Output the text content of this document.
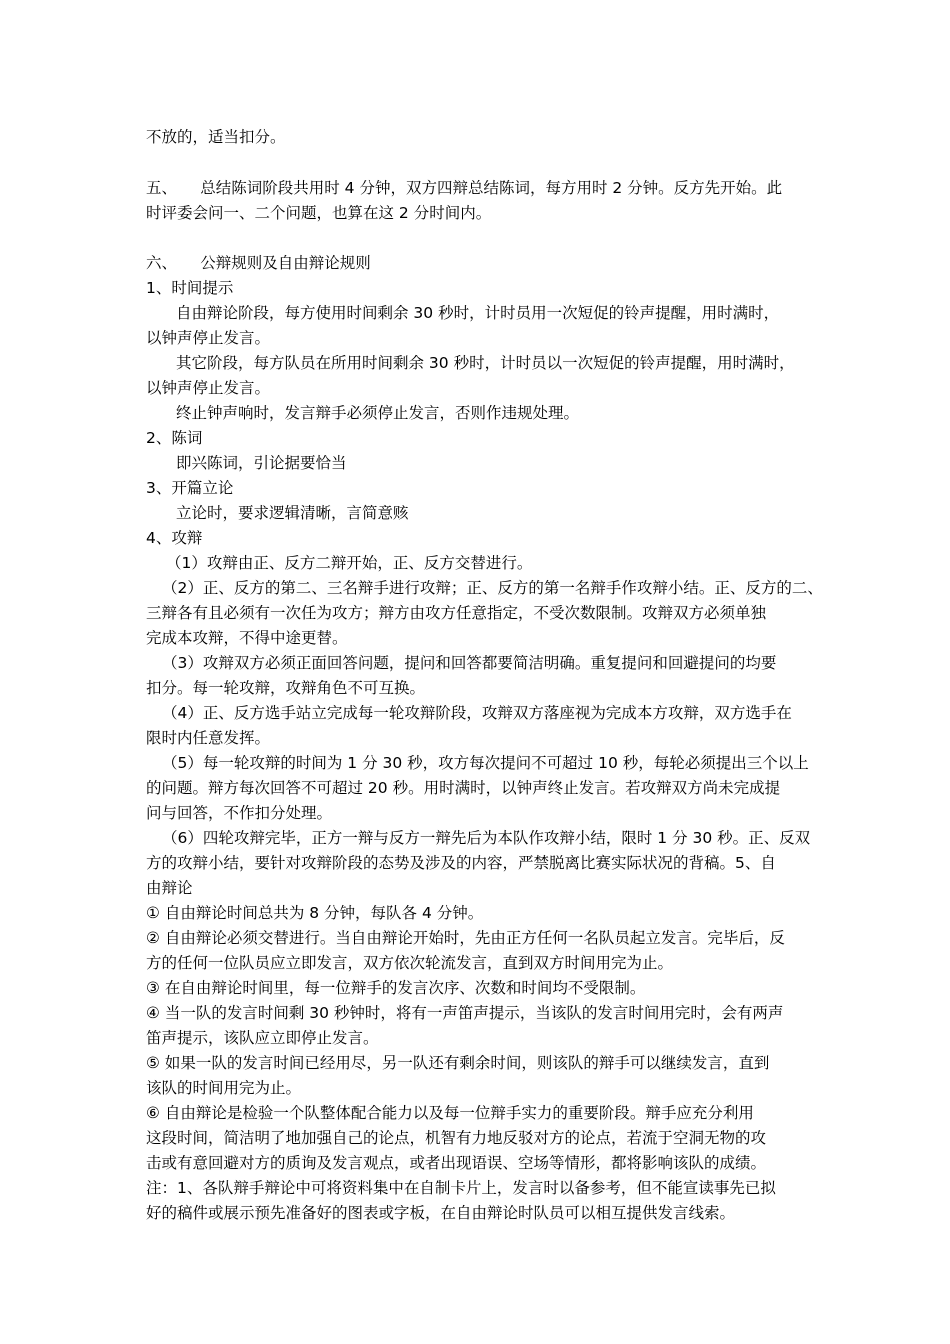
不放的，适当扣分。
五、　　总结陈词阶段共用时 4 分钟，双方四辩总结陈词，每方用时 2 分钟。反方先开始。此
时评委会问一、二个问题，也算在这 2 分时间内。
六、　　公辩规则及自由辩论规则
1、时间提示
自由辩论阶段，每方使用时间剩余 30 秒时，计时员用一次短促的铃声提醒，用时满时，
以钟声停止发言。
其它阶段，每方队员在所用时间剩余 30 秒时，计时员以一次短促的铃声提醒，用时满时，
以钟声停止发言。
终止钟声响时，发言辩手必须停止发言，否则作违规处理。
2、陈词
即兴陈词，引论据要恰当
3、开篇立论
立论时，要求逻辑清晰，言简意赅
4、攻辩
（1）攻辩由正、反方二辩开始，正、反方交替进行。
（2）正、反方的第二、三名辩手进行攻辩；正、反方的第一名辩手作攻辩小结。正、反方的二、
三辩各有且必须有一次任为攻方；辩方由攻方任意指定，不受次数限制。攻辩双方必须单独
完成本攻辩，不得中途更替。
（3）攻辩双方必须正面回答问题，提问和回答都要简洁明确。重复提问和回避提问的均要
扣分。每一轮攻辩，攻辩角色不可互换。
（4）正、反方选手站立完成每一轮攻辩阶段，攻辩双方落座视为完成本方攻辩，双方选手在
限时内任意发挥。
（5）每一轮攻辩的时间为 1 分 30 秒，攻方每次提问不可超过 10 秒，每轮必须提出三个以上
的问题。辩方每次回答不可超过 20 秒。用时满时，以钟声终止发言。若攻辩双方尚未完成提
问与回答，不作扣分处理。
（6）四轮攻辩完毕，正方一辩与反方一辩先后为本队作攻辩小结，限时 1 分 30 秒。正、反双
方的攻辩小结，要针对攻辩阶段的态势及涉及的内容，严禁脱离比赛实际状况的背稿。5、自
由辩论
① 自由辩论时间总共为 8 分钟，每队各 4 分钟。
② 自由辩论必须交替进行。当自由辩论开始时，先由正方任何一名队员起立发言。完毕后，反
方的任何一位队员应立即发言，双方依次轮流发言，直到双方时间用完为止。
③ 在自由辩论时间里，每一位辩手的发言次序、次数和时间均不受限制。
④ 当一队的发言时间剩 30 秒钟时，将有一声笛声提示，当该队的发言时间用完时，会有两声
笛声提示，该队应立即停止发言。
⑤ 如果一队的发言时间已经用尽，另一队还有剩余时间，则该队的辩手可以继续发言，直到
该队的时间用完为止。
⑥ 自由辩论是检验一个队整体配合能力以及每一位辩手实力的重要阶段。辩手应充分利用
这段时间，简洁明了地加强自己的论点，机智有力地反驳对方的论点，若流于空洞无物的攻
击或有意回避对方的质询及发言观点，或者出现语误、空场等情形，都将影响该队的成绩。
注：1、各队辩手辩论中可将资料集中在自制卡片上，发言时以备参考，但不能宣读事先已拟
好的稿件或展示预先准备好的图表或字板，在自由辩论时队员可以相互提供发言线索。
